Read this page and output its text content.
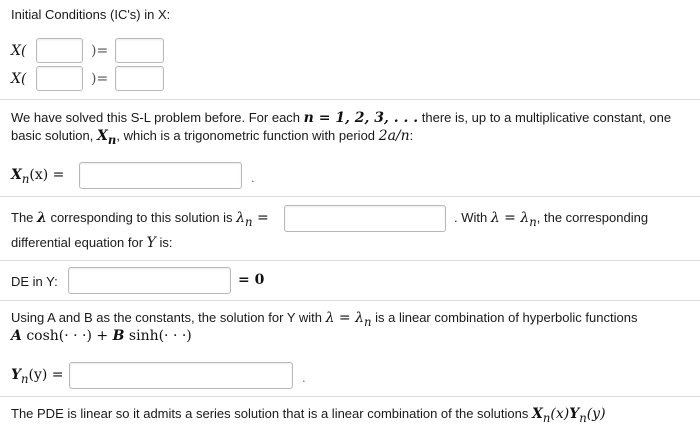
Initial Conditions (IC's) in X:
X(	)=
X(	)=
We have solved this S-L problem before. For each n = 1, 2, 3, . . . there is, up to a multiplicative constant, one basic solution, $X_n$, which is a trigonometric function with period 2a/n:
$X_n(x)$ =	.
The λ corresponding to this solution is $\lambda_n$ =	. With $\lambda = \lambda_n$, the corresponding
differential equation for Y is:
DE in Y:	= 0
Using A and B as the constants, the solution for Y with $\lambda = \lambda_n$ is a linear combination of hyperbolic functions
A cosh(· · ·) + B sinh(· · ·)
$Y_n(y)$ =	.
The PDE is linear so it admits a series solution that is a linear combination of the solutions $X_n(x)Y_n(y)$
